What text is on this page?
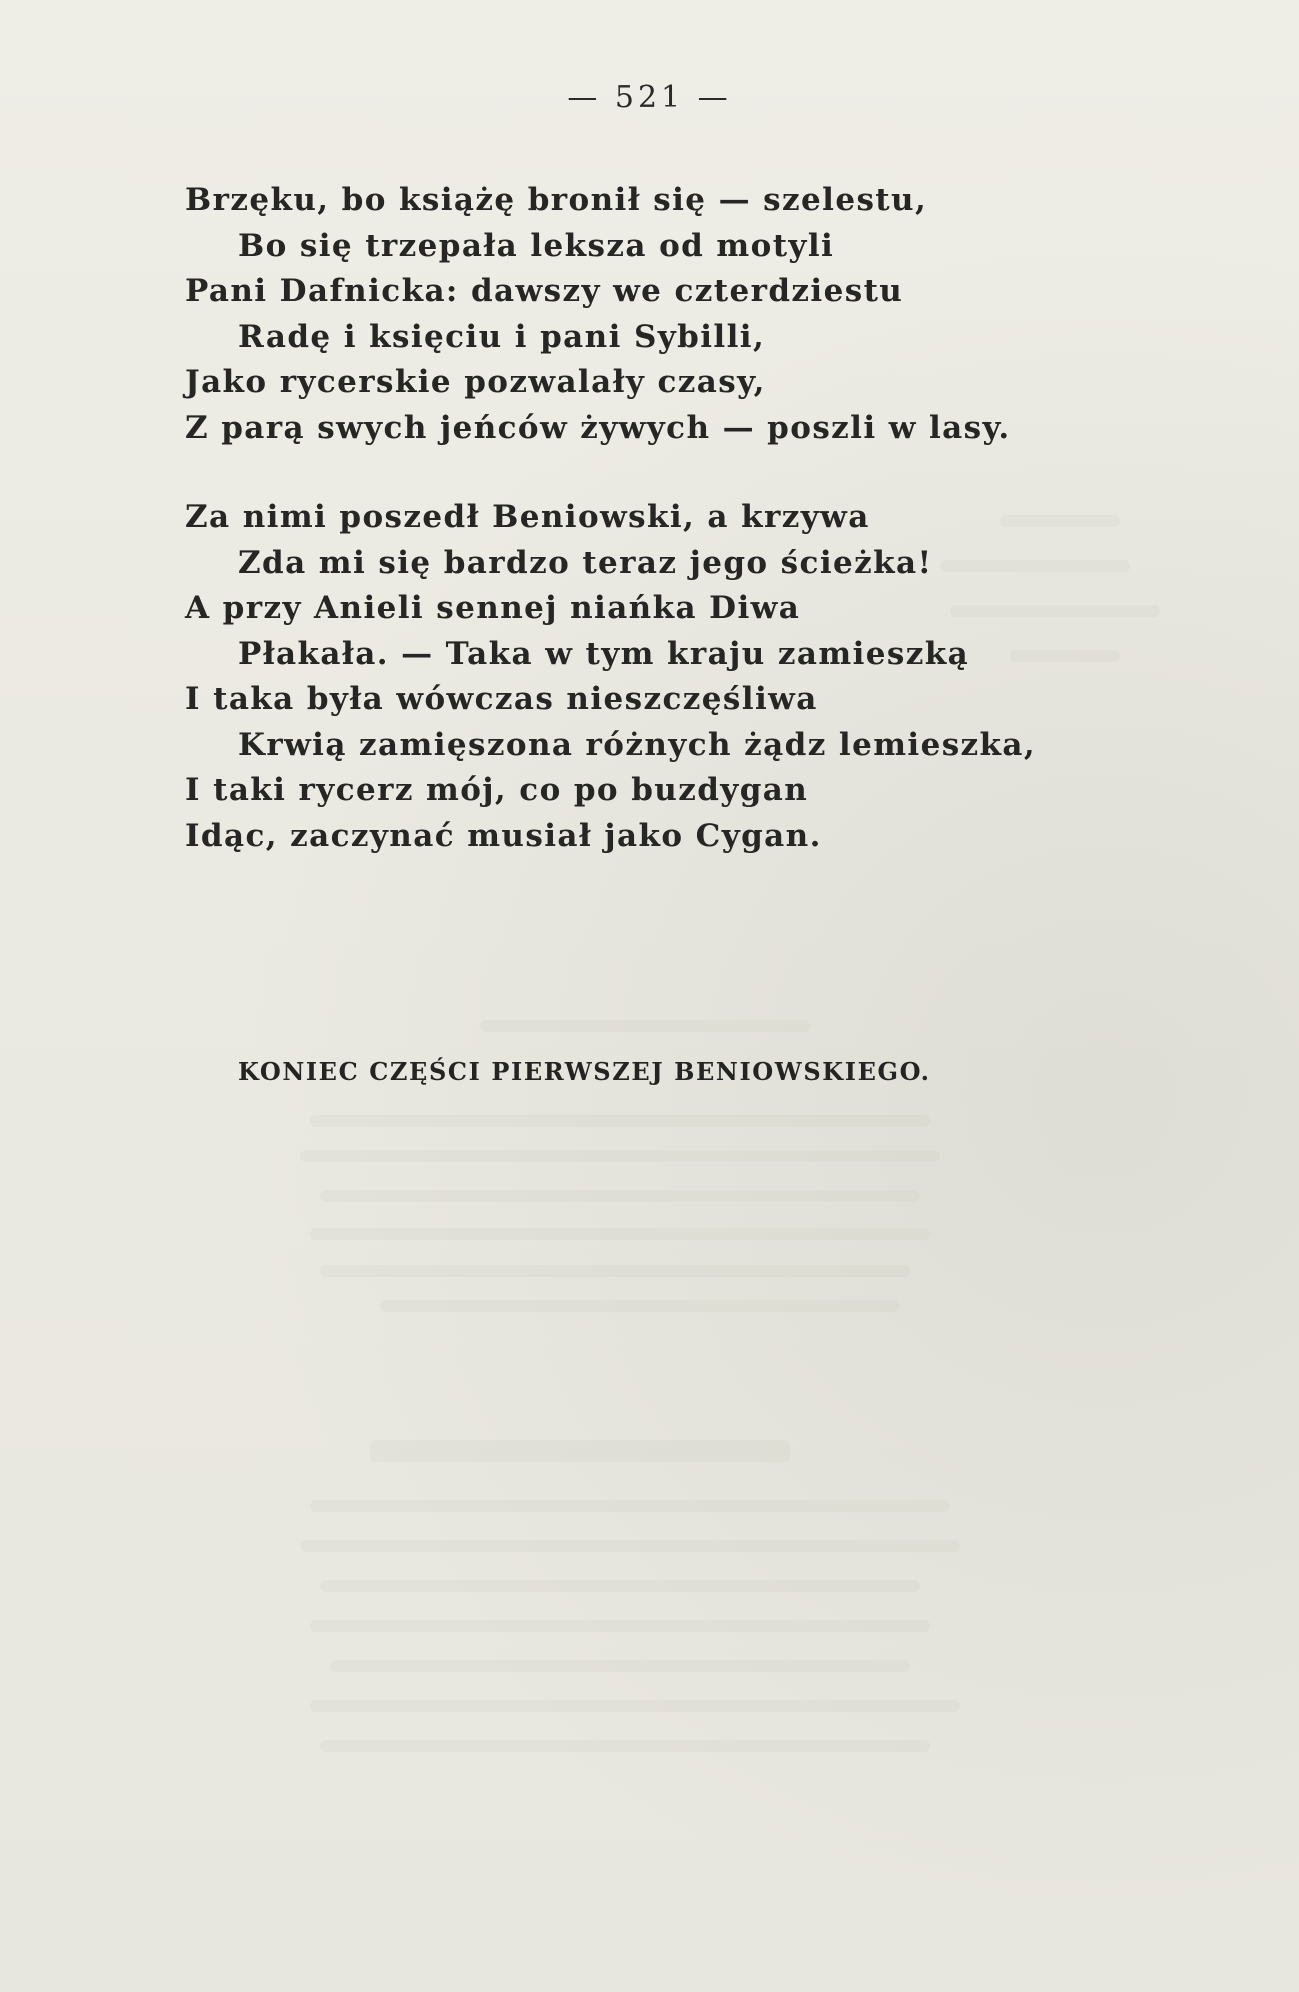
— 521 —
Brzęku, bo książę bronił się — szelestu,
Bo się trzepała leksza od motyli
Pani Dafnicka: dawszy we czterdziestu
Radę i księciu i pani Sybilli,
Jako rycerskie pozwalały czasy,
Z parą swych jeńców żywych — poszli w lasy.
Za nimi poszedł Beniowski, a krzywa
Zda mi się bardzo teraz jego ścieżka!
A przy Anieli sennej niańka Diwa
Płakała. — Taka w tym kraju zamieszką
I taka była wówczas nieszczęśliwa
Krwią zamięszona różnych żądz lemieszka,
I taki rycerz mój, co po buzdygan
Idąc, zaczynać musiał jako Cygan.
KONIEC CZĘŚCI PIERWSZEJ BENIOWSKIEGO.
